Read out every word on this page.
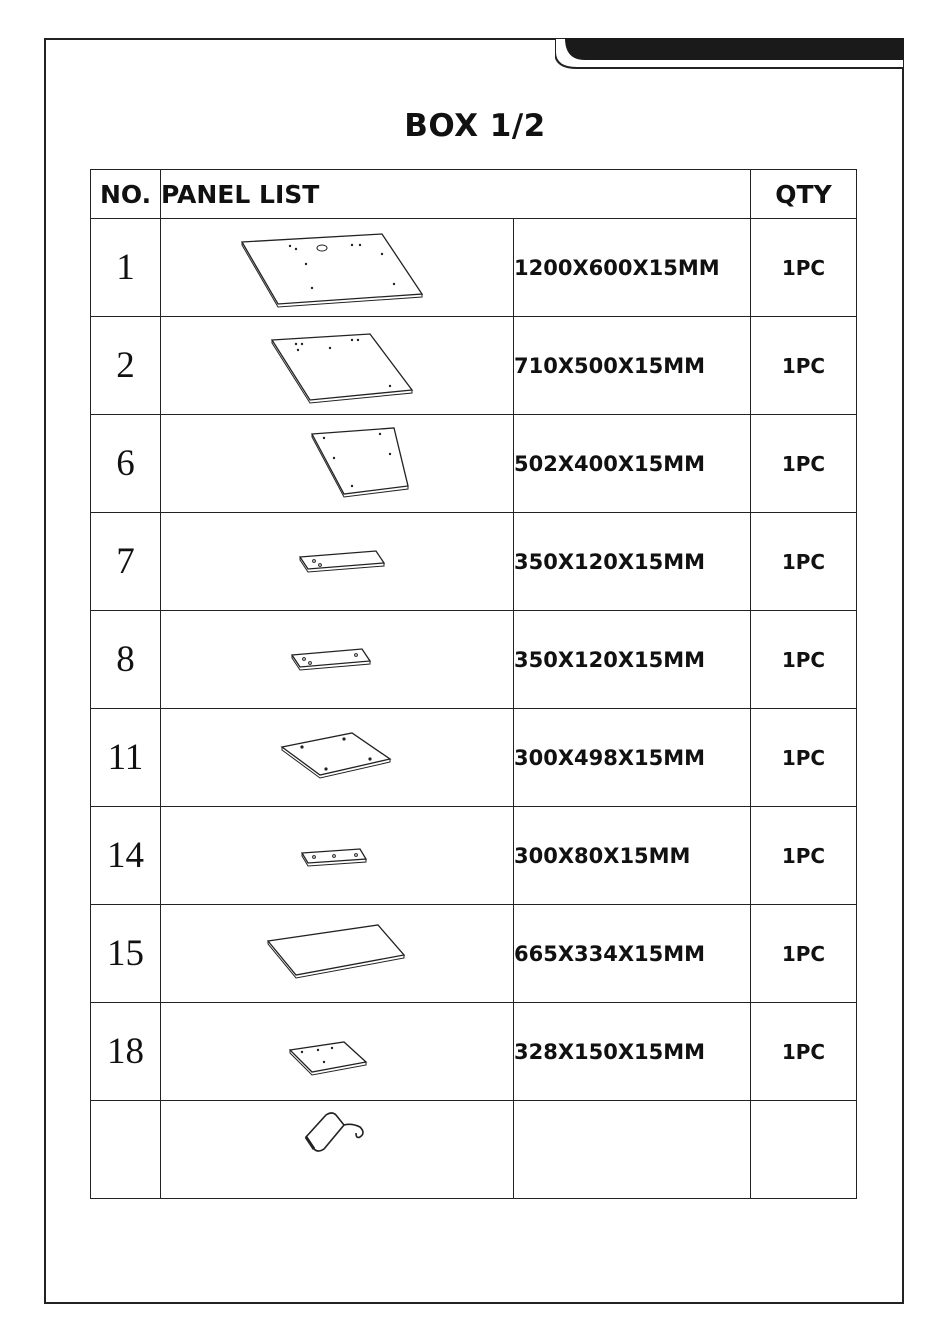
BOX 1/2
NO.	PANEL LIST		QTY
1		1200X600X15MM	1PC
2		710X500X15MM	1PC
6		502X400X15MM	1PC
7		350X120X15MM	1PC
8		350X120X15MM	1PC
11		300X498X15MM	1PC
14		300X80X15MM	1PC
15		665X334X15MM	1PC
18		328X150X15MM	1PC
